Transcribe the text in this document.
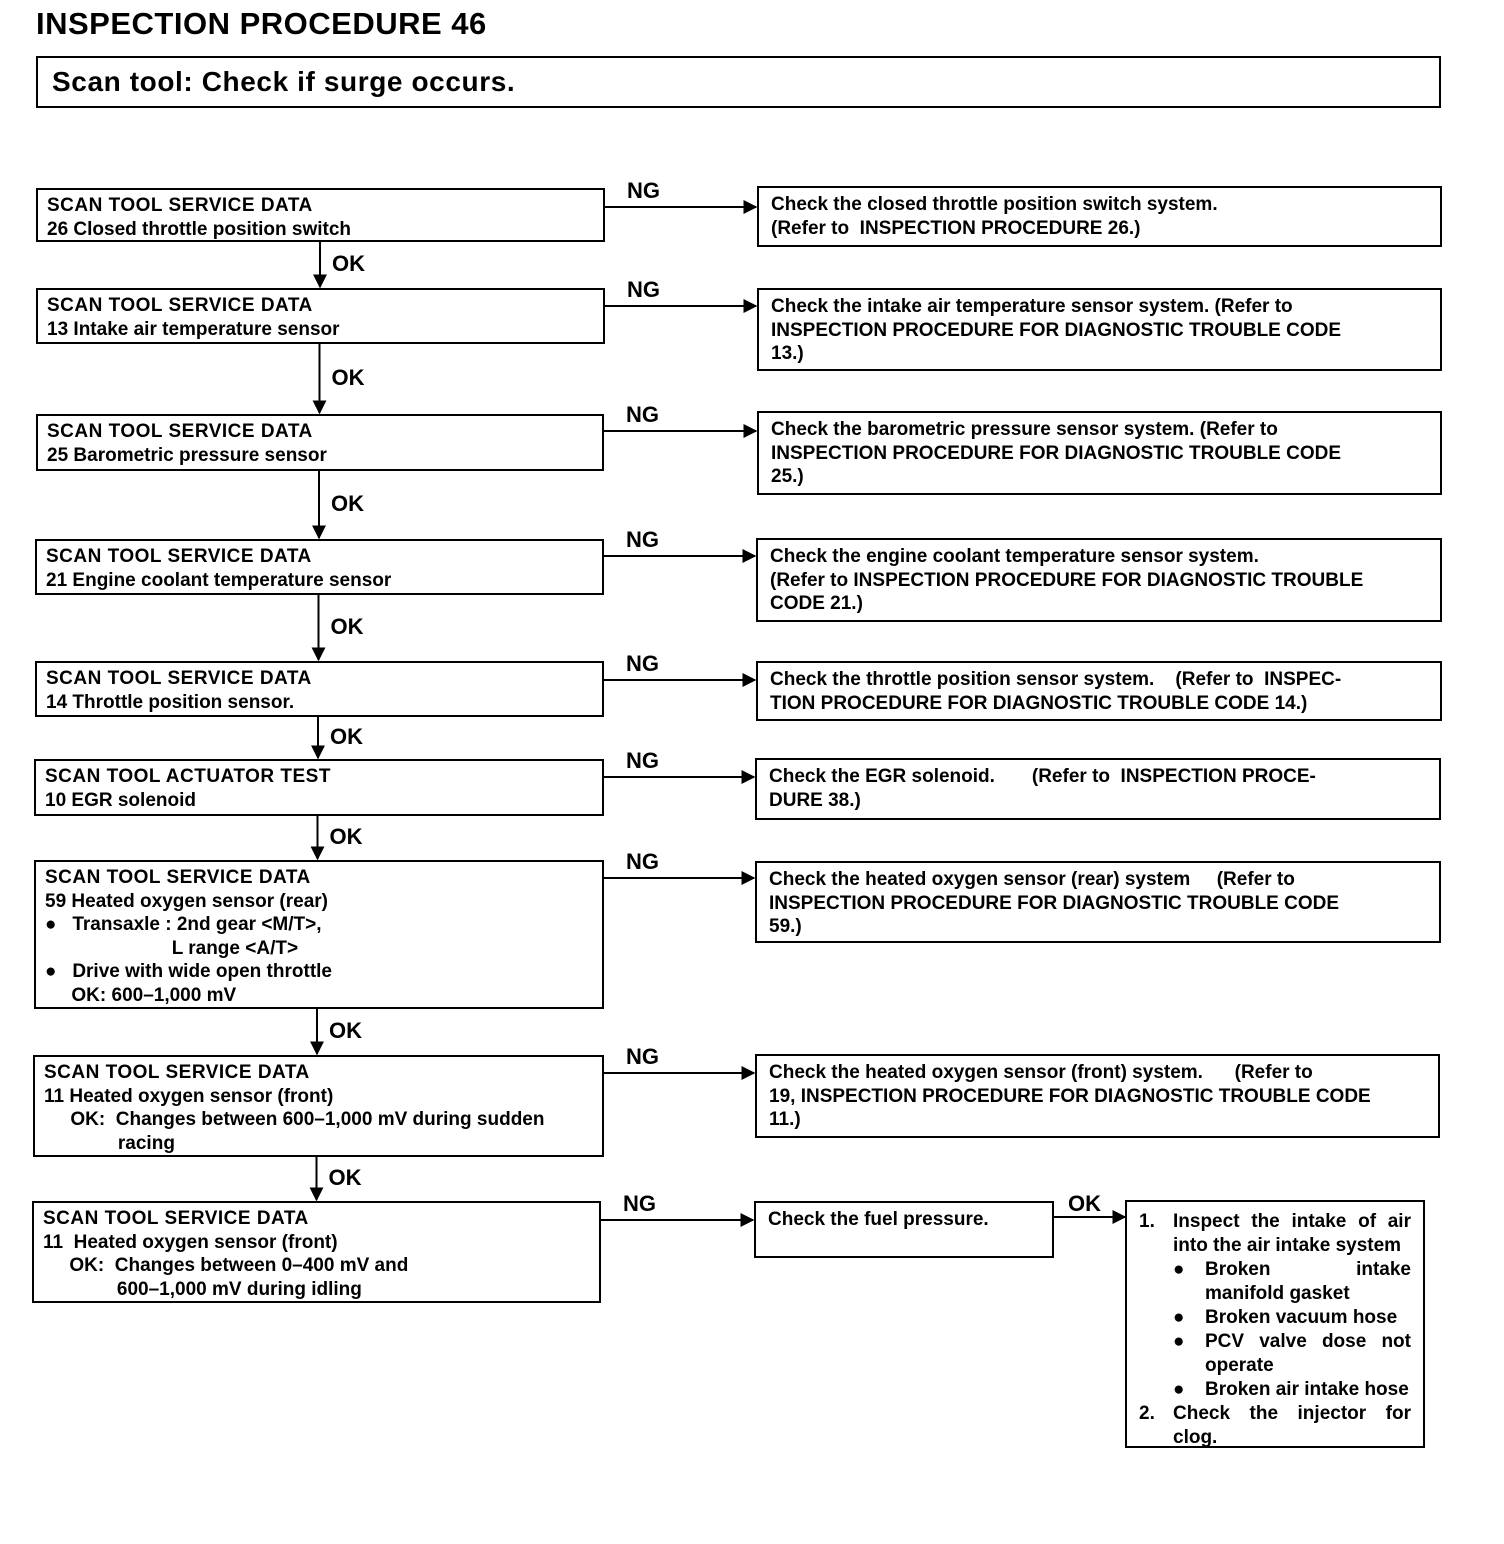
INSPECTION PROCEDURE 46
Scan tool: Check if surge occurs.
SCAN TOOL SERVICE DATA
26 Closed throttle position switch
Check the closed throttle position switch system.
(Refer to  INSPECTION PROCEDURE 26.)
NG
OK
SCAN TOOL SERVICE DATA
13 Intake air temperature sensor
Check the intake air temperature sensor system. (Refer to
INSPECTION PROCEDURE FOR DIAGNOSTIC TROUBLE CODE
13.)
NG
OK
SCAN TOOL SERVICE DATA
25 Barometric pressure sensor
Check the barometric pressure sensor system. (Refer to
INSPECTION PROCEDURE FOR DIAGNOSTIC TROUBLE CODE
25.)
NG
OK
SCAN TOOL SERVICE DATA
21 Engine coolant temperature sensor
Check the engine coolant temperature sensor system.
(Refer to INSPECTION PROCEDURE FOR DIAGNOSTIC TROUBLE
CODE 21.)
NG
OK
SCAN TOOL SERVICE DATA
14 Throttle position sensor.
Check the throttle position sensor system.    (Refer to  INSPEC-
TION PROCEDURE FOR DIAGNOSTIC TROUBLE CODE 14.)
NG
OK
SCAN TOOL ACTUATOR TEST
10 EGR solenoid
Check the EGR solenoid.       (Refer to  INSPECTION PROCE-
DURE 38.)
NG
OK
SCAN TOOL SERVICE DATA
59 Heated oxygen sensor (rear)
●   Transaxle : 2nd gear <M/T>,
L range <A/T>
●   Drive with wide open throttle
OK: 600–1,000 mV
Check the heated oxygen sensor (rear) system     (Refer to
INSPECTION PROCEDURE FOR DIAGNOSTIC TROUBLE CODE
59.)
NG
OK
SCAN TOOL SERVICE DATA
11 Heated oxygen sensor (front)
OK:  Changes between 600–1,000 mV during sudden
racing
Check the heated oxygen sensor (front) system.      (Refer to
19, INSPECTION PROCEDURE FOR DIAGNOSTIC TROUBLE CODE
11.)
NG
OK
SCAN TOOL SERVICE DATA
11  Heated oxygen sensor (front)
OK:  Changes between 0–400 mV and
600–1,000 mV during idling
Check the fuel pressure.
NG	OK
1. Inspect the intake of air into the air intake system
●	Broken intake manifold gasket
●	Broken vacuum hose
●	PCV valve dose not operate
●	Broken air intake hose
2. Check the injector for clog.
